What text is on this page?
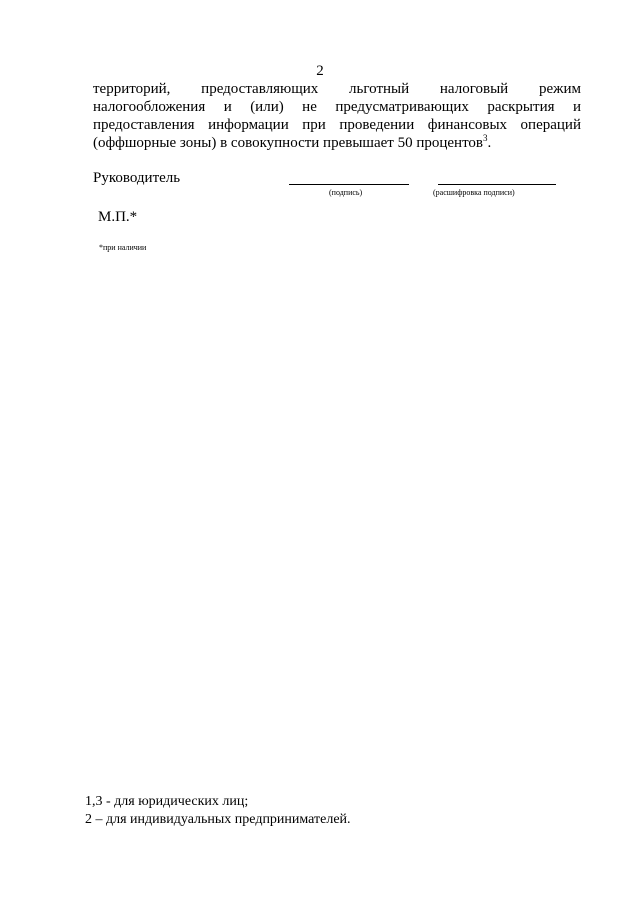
2
территорий, предоставляющих льготный налоговый режим
налогообложения и (или) не предусматривающих раскрытия и
предоставления информации при проведении финансовых операций
(оффшорные зоны) в совокупности превышает 50 процентов$^3$.
Руководитель
(подпись)	(расшифровка подписи)
М.П.*
*при наличии
1,3 - для юридических лиц;
2 – для индивидуальных предпринимателей.
